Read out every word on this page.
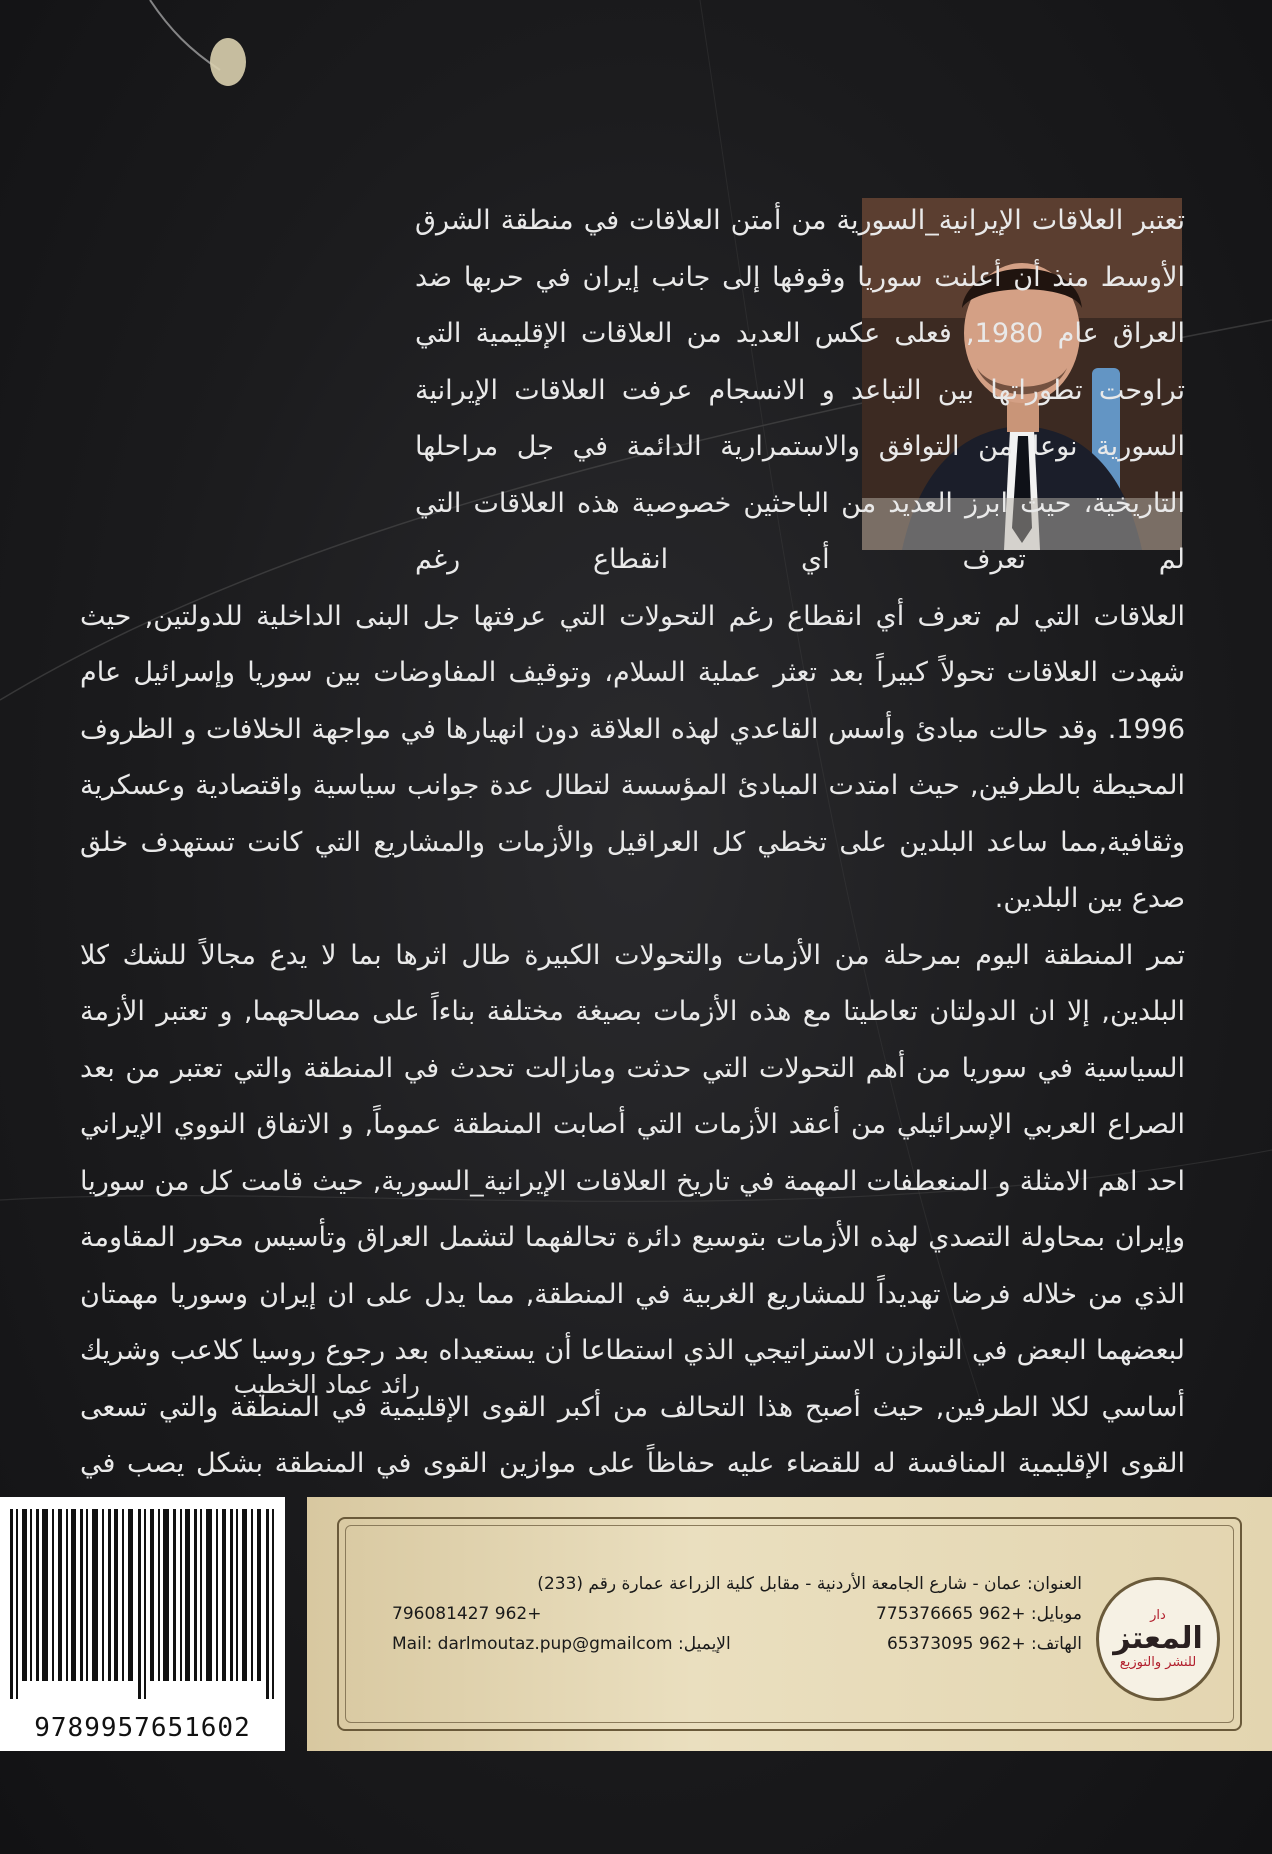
تعتبر العلاقات الإيرانية_السورية من أمتن العلاقات في منطقة الشرق الأوسط منذ أن أعلنت سوريا وقوفها إلى جانب إيران في حربها ضد العراق عام 1980, فعلى عكس العديد من العلاقات الإقليمية التي تراوحت تطوراتها بين التباعد و الانسجام عرفت العلاقات الإيرانية السورية نوعا من التوافق والاستمرارية الدائمة في جل مراحلها التاريخية، حيث ابرز العديد من الباحثين خصوصية هذه العلاقات التي لم تعرف أي انقطاع رغم

العلاقات التي لم تعرف أي انقطاع رغم التحولات التي عرفتها جل البنى الداخلية للدولتين, حيث شهدت العلاقات تحولاً كبيراً بعد تعثر عملية السلام، وتوقيف المفاوضات بين سوريا وإسرائيل عام 1996. وقد حالت مبادئ وأسس القاعدي لهذه العلاقة دون انهيارها في مواجهة الخلافات و الظروف المحيطة بالطرفين, حيث امتدت المبادئ المؤسسة لتطال عدة جوانب سياسية واقتصادية وعسكرية وثقافية,مما ساعد البلدين على تخطي كل العراقيل والأزمات والمشاريع التي كانت تستهدف خلق صدع بين البلدين.

تمر المنطقة اليوم بمرحلة من الأزمات والتحولات الكبيرة طال اثرها بما لا يدع مجالاً للشك كلا البلدين, إلا ان الدولتان تعاطيتا مع هذه الأزمات بصيغة مختلفة بناءاً على مصالحهما, و تعتبر الأزمة السياسية في سوريا من أهم التحولات التي حدثت ومازالت تحدث في المنطقة والتي تعتبر من بعد الصراع العربي الإسرائيلي من أعقد الأزمات التي أصابت المنطقة عموماً, و الاتفاق النووي الإيراني احد اهم الامثلة و المنعطفات المهمة في تاريخ العلاقات الإيرانية_السورية, حيث قامت كل من سوريا وإيران بمحاولة التصدي لهذه الأزمات بتوسيع دائرة تحالفهما لتشمل العراق وتأسيس محور المقاومة الذي من خلاله فرضا تهديداً للمشاريع الغربية في المنطقة, مما يدل على ان إيران وسوريا مهمتان لبعضهما البعض في التوازن الاستراتيجي الذي استطاعا أن يستعيداه بعد رجوع روسيا كلاعب وشريك أساسي لكلا الطرفين, حيث أصبح هذا التحالف من أكبر القوى الإقليمية في المنطقة والتي تسعى القوى الإقليمية المنافسة له للقضاء عليه حفاظاً على موازين القوى في المنطقة بشكل يصب في

رائد عماد الخطيب
9789957651602
دار
المعتز
للنشر والتوزيع
العنوان: عمان - شارع الجامعة الأردنية - مقابل كلية الزراعة عمارة رقم (233)
موبايل: +962 775376665
+962 796081427
الهاتف: +962 65373095
الإيميل: Mail: darlmoutaz.pup@gmailcom
